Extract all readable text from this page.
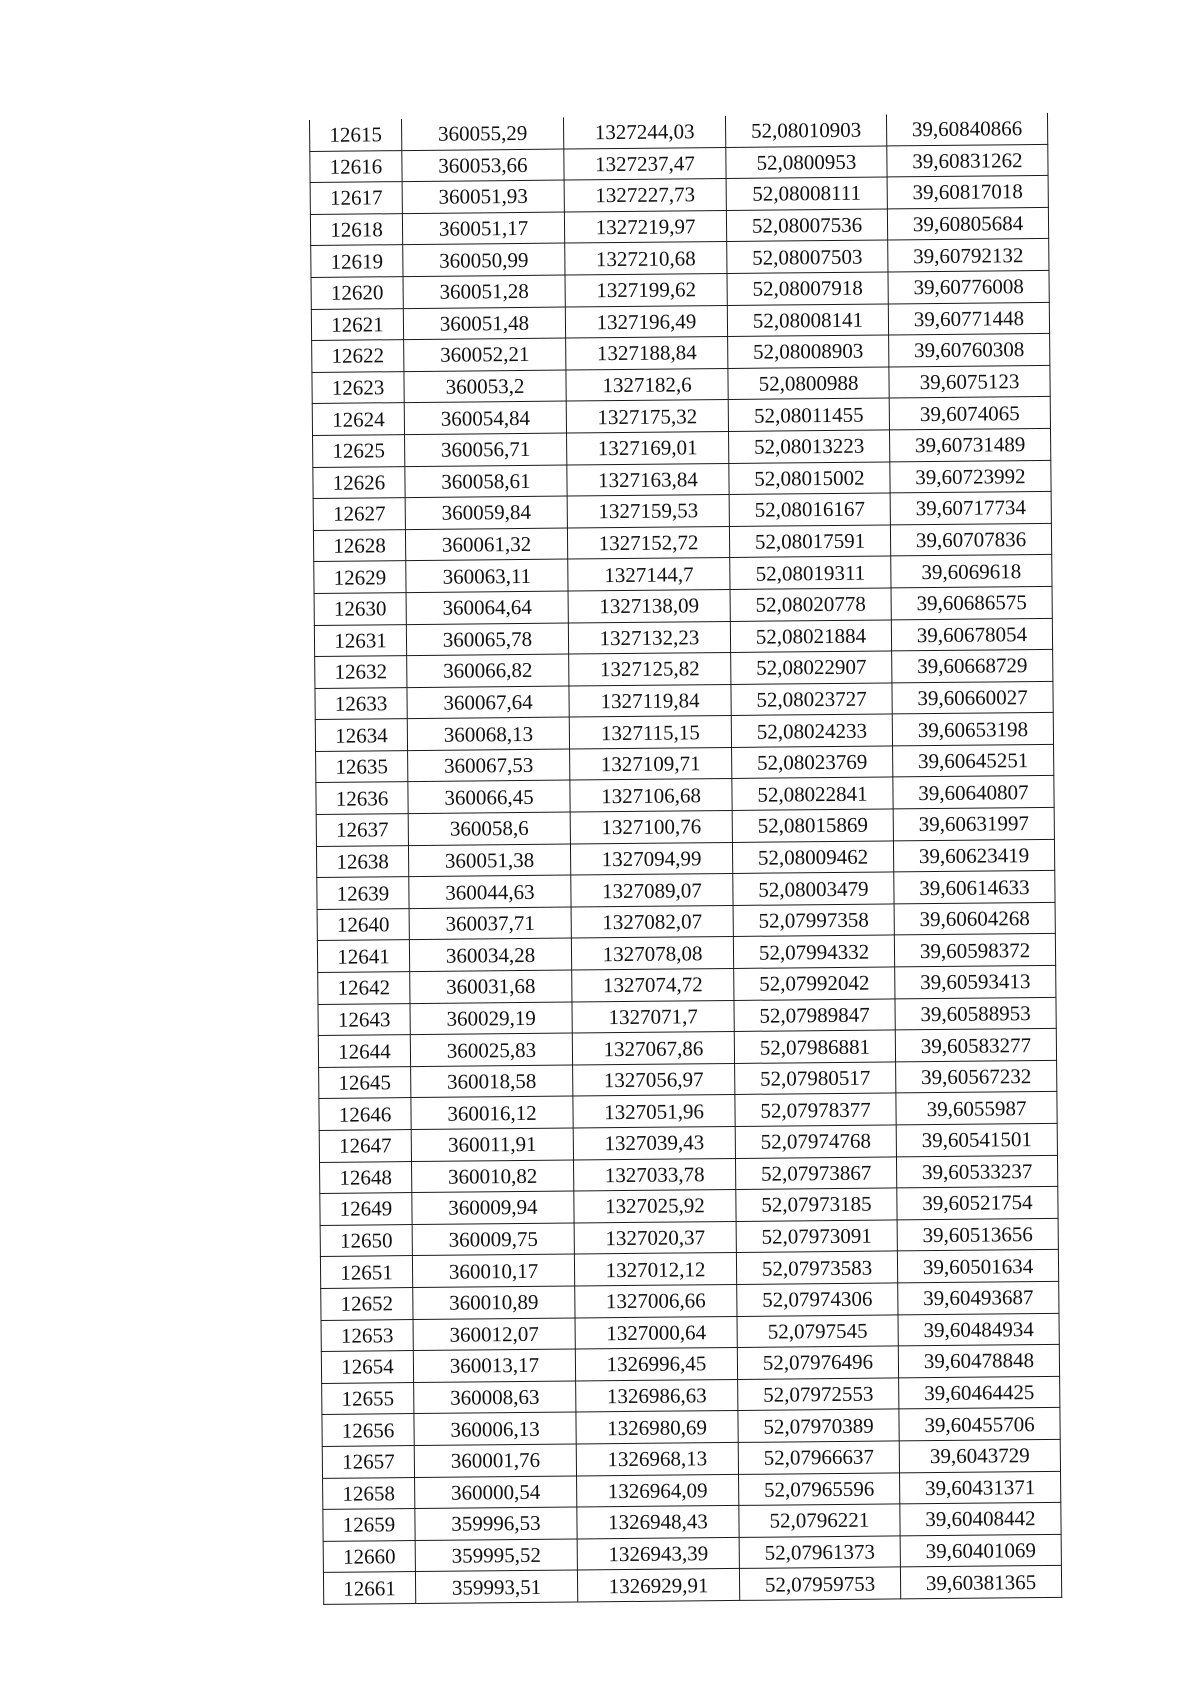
12615	360055,29	1327244,03	52,08010903	39,60840866
12616	360053,66	1327237,47	52,0800953	39,60831262
12617	360051,93	1327227,73	52,08008111	39,60817018
12618	360051,17	1327219,97	52,08007536	39,60805684
12619	360050,99	1327210,68	52,08007503	39,60792132
12620	360051,28	1327199,62	52,08007918	39,60776008
12621	360051,48	1327196,49	52,08008141	39,60771448
12622	360052,21	1327188,84	52,08008903	39,60760308
12623	360053,2	1327182,6	52,0800988	39,6075123
12624	360054,84	1327175,32	52,08011455	39,6074065
12625	360056,71	1327169,01	52,08013223	39,60731489
12626	360058,61	1327163,84	52,08015002	39,60723992
12627	360059,84	1327159,53	52,08016167	39,60717734
12628	360061,32	1327152,72	52,08017591	39,60707836
12629	360063,11	1327144,7	52,08019311	39,6069618
12630	360064,64	1327138,09	52,08020778	39,60686575
12631	360065,78	1327132,23	52,08021884	39,60678054
12632	360066,82	1327125,82	52,08022907	39,60668729
12633	360067,64	1327119,84	52,08023727	39,60660027
12634	360068,13	1327115,15	52,08024233	39,60653198
12635	360067,53	1327109,71	52,08023769	39,60645251
12636	360066,45	1327106,68	52,08022841	39,60640807
12637	360058,6	1327100,76	52,08015869	39,60631997
12638	360051,38	1327094,99	52,08009462	39,60623419
12639	360044,63	1327089,07	52,08003479	39,60614633
12640	360037,71	1327082,07	52,07997358	39,60604268
12641	360034,28	1327078,08	52,07994332	39,60598372
12642	360031,68	1327074,72	52,07992042	39,60593413
12643	360029,19	1327071,7	52,07989847	39,60588953
12644	360025,83	1327067,86	52,07986881	39,60583277
12645	360018,58	1327056,97	52,07980517	39,60567232
12646	360016,12	1327051,96	52,07978377	39,6055987
12647	360011,91	1327039,43	52,07974768	39,60541501
12648	360010,82	1327033,78	52,07973867	39,60533237
12649	360009,94	1327025,92	52,07973185	39,60521754
12650	360009,75	1327020,37	52,07973091	39,60513656
12651	360010,17	1327012,12	52,07973583	39,60501634
12652	360010,89	1327006,66	52,07974306	39,60493687
12653	360012,07	1327000,64	52,0797545	39,60484934
12654	360013,17	1326996,45	52,07976496	39,60478848
12655	360008,63	1326986,63	52,07972553	39,60464425
12656	360006,13	1326980,69	52,07970389	39,60455706
12657	360001,76	1326968,13	52,07966637	39,6043729
12658	360000,54	1326964,09	52,07965596	39,60431371
12659	359996,53	1326948,43	52,0796221	39,60408442
12660	359995,52	1326943,39	52,07961373	39,60401069
12661	359993,51	1326929,91	52,07959753	39,60381365
